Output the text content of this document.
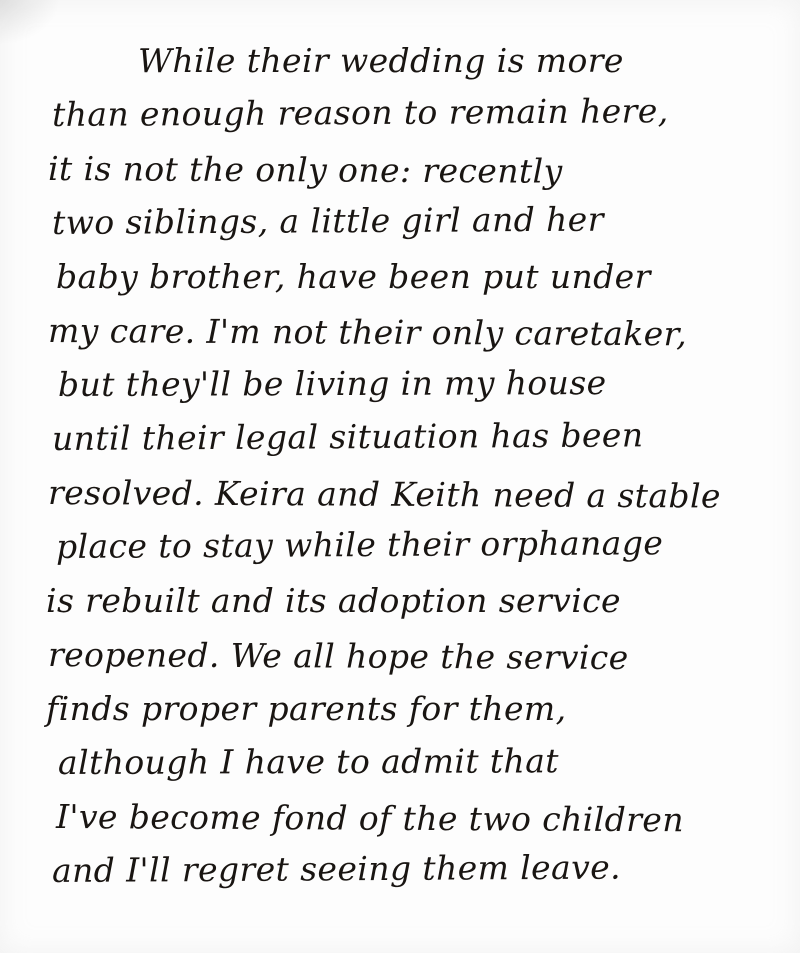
While their wedding is more
than enough reason to remain here,
it is not the only one: recently
two siblings, a little girl and her
baby brother, have been put under
my care. I'm not their only caretaker,
but they'll be living in my house
until their legal situation has been
resolved. Keira and Keith need a stable
place to stay while their orphanage
is rebuilt and its adoption service
reopened. We all hope the service
finds proper parents for them,
although I have to admit that
I've become fond of the two children
and I'll regret seeing them leave.
